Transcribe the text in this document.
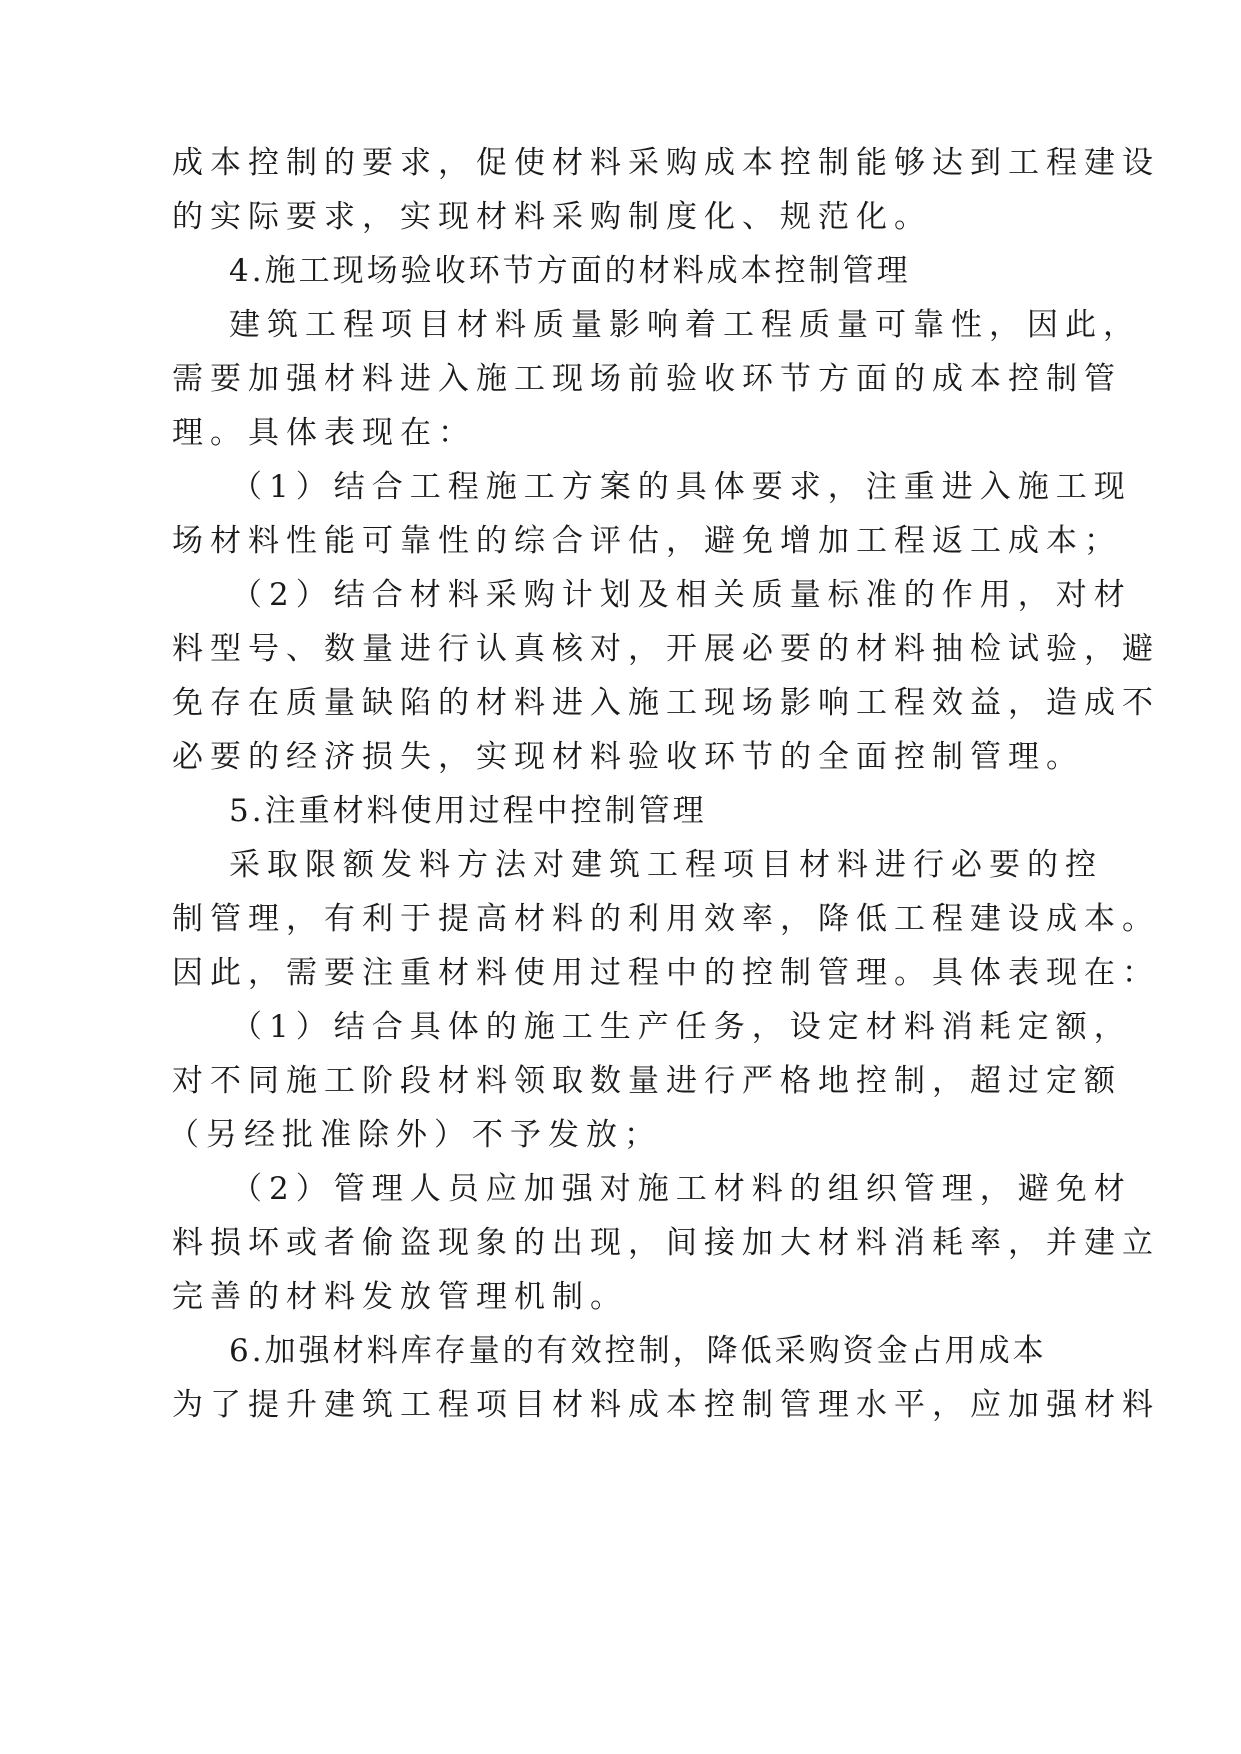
成本控制的要求，促使材料采购成本控制能够达到工程建设
的实际要求，实现材料采购制度化、规范化。
4.施工现场验收环节方面的材料成本控制管理
建筑工程项目材料质量影响着工程质量可靠性，因此，
需要加强材料进入施工现场前验收环节方面的成本控制管
理。具体表现在：
（1）结合工程施工方案的具体要求，注重进入施工现
场材料性能可靠性的综合评估，避免增加工程返工成本；
（2）结合材料采购计划及相关质量标准的作用，对材
料型号、数量进行认真核对，开展必要的材料抽检试验，避
免存在质量缺陷的材料进入施工现场影响工程效益，造成不
必要的经济损失，实现材料验收环节的全面控制管理。
5.注重材料使用过程中控制管理
采取限额发料方法对建筑工程项目材料进行必要的控
制管理，有利于提高材料的利用效率，降低工程建设成本。
因此，需要注重材料使用过程中的控制管理。具体表现在：
（1）结合具体的施工生产任务，设定材料消耗定额，
对不同施工阶段材料领取数量进行严格地控制，超过定额
（另经批准除外）不予发放；
（2）管理人员应加强对施工材料的组织管理，避免材
料损坏或者偷盗现象的出现，间接加大材料消耗率，并建立
完善的材料发放管理机制。
6.加强材料库存量的有效控制，降低采购资金占用成本
为了提升建筑工程项目材料成本控制管理水平，应加强材料
